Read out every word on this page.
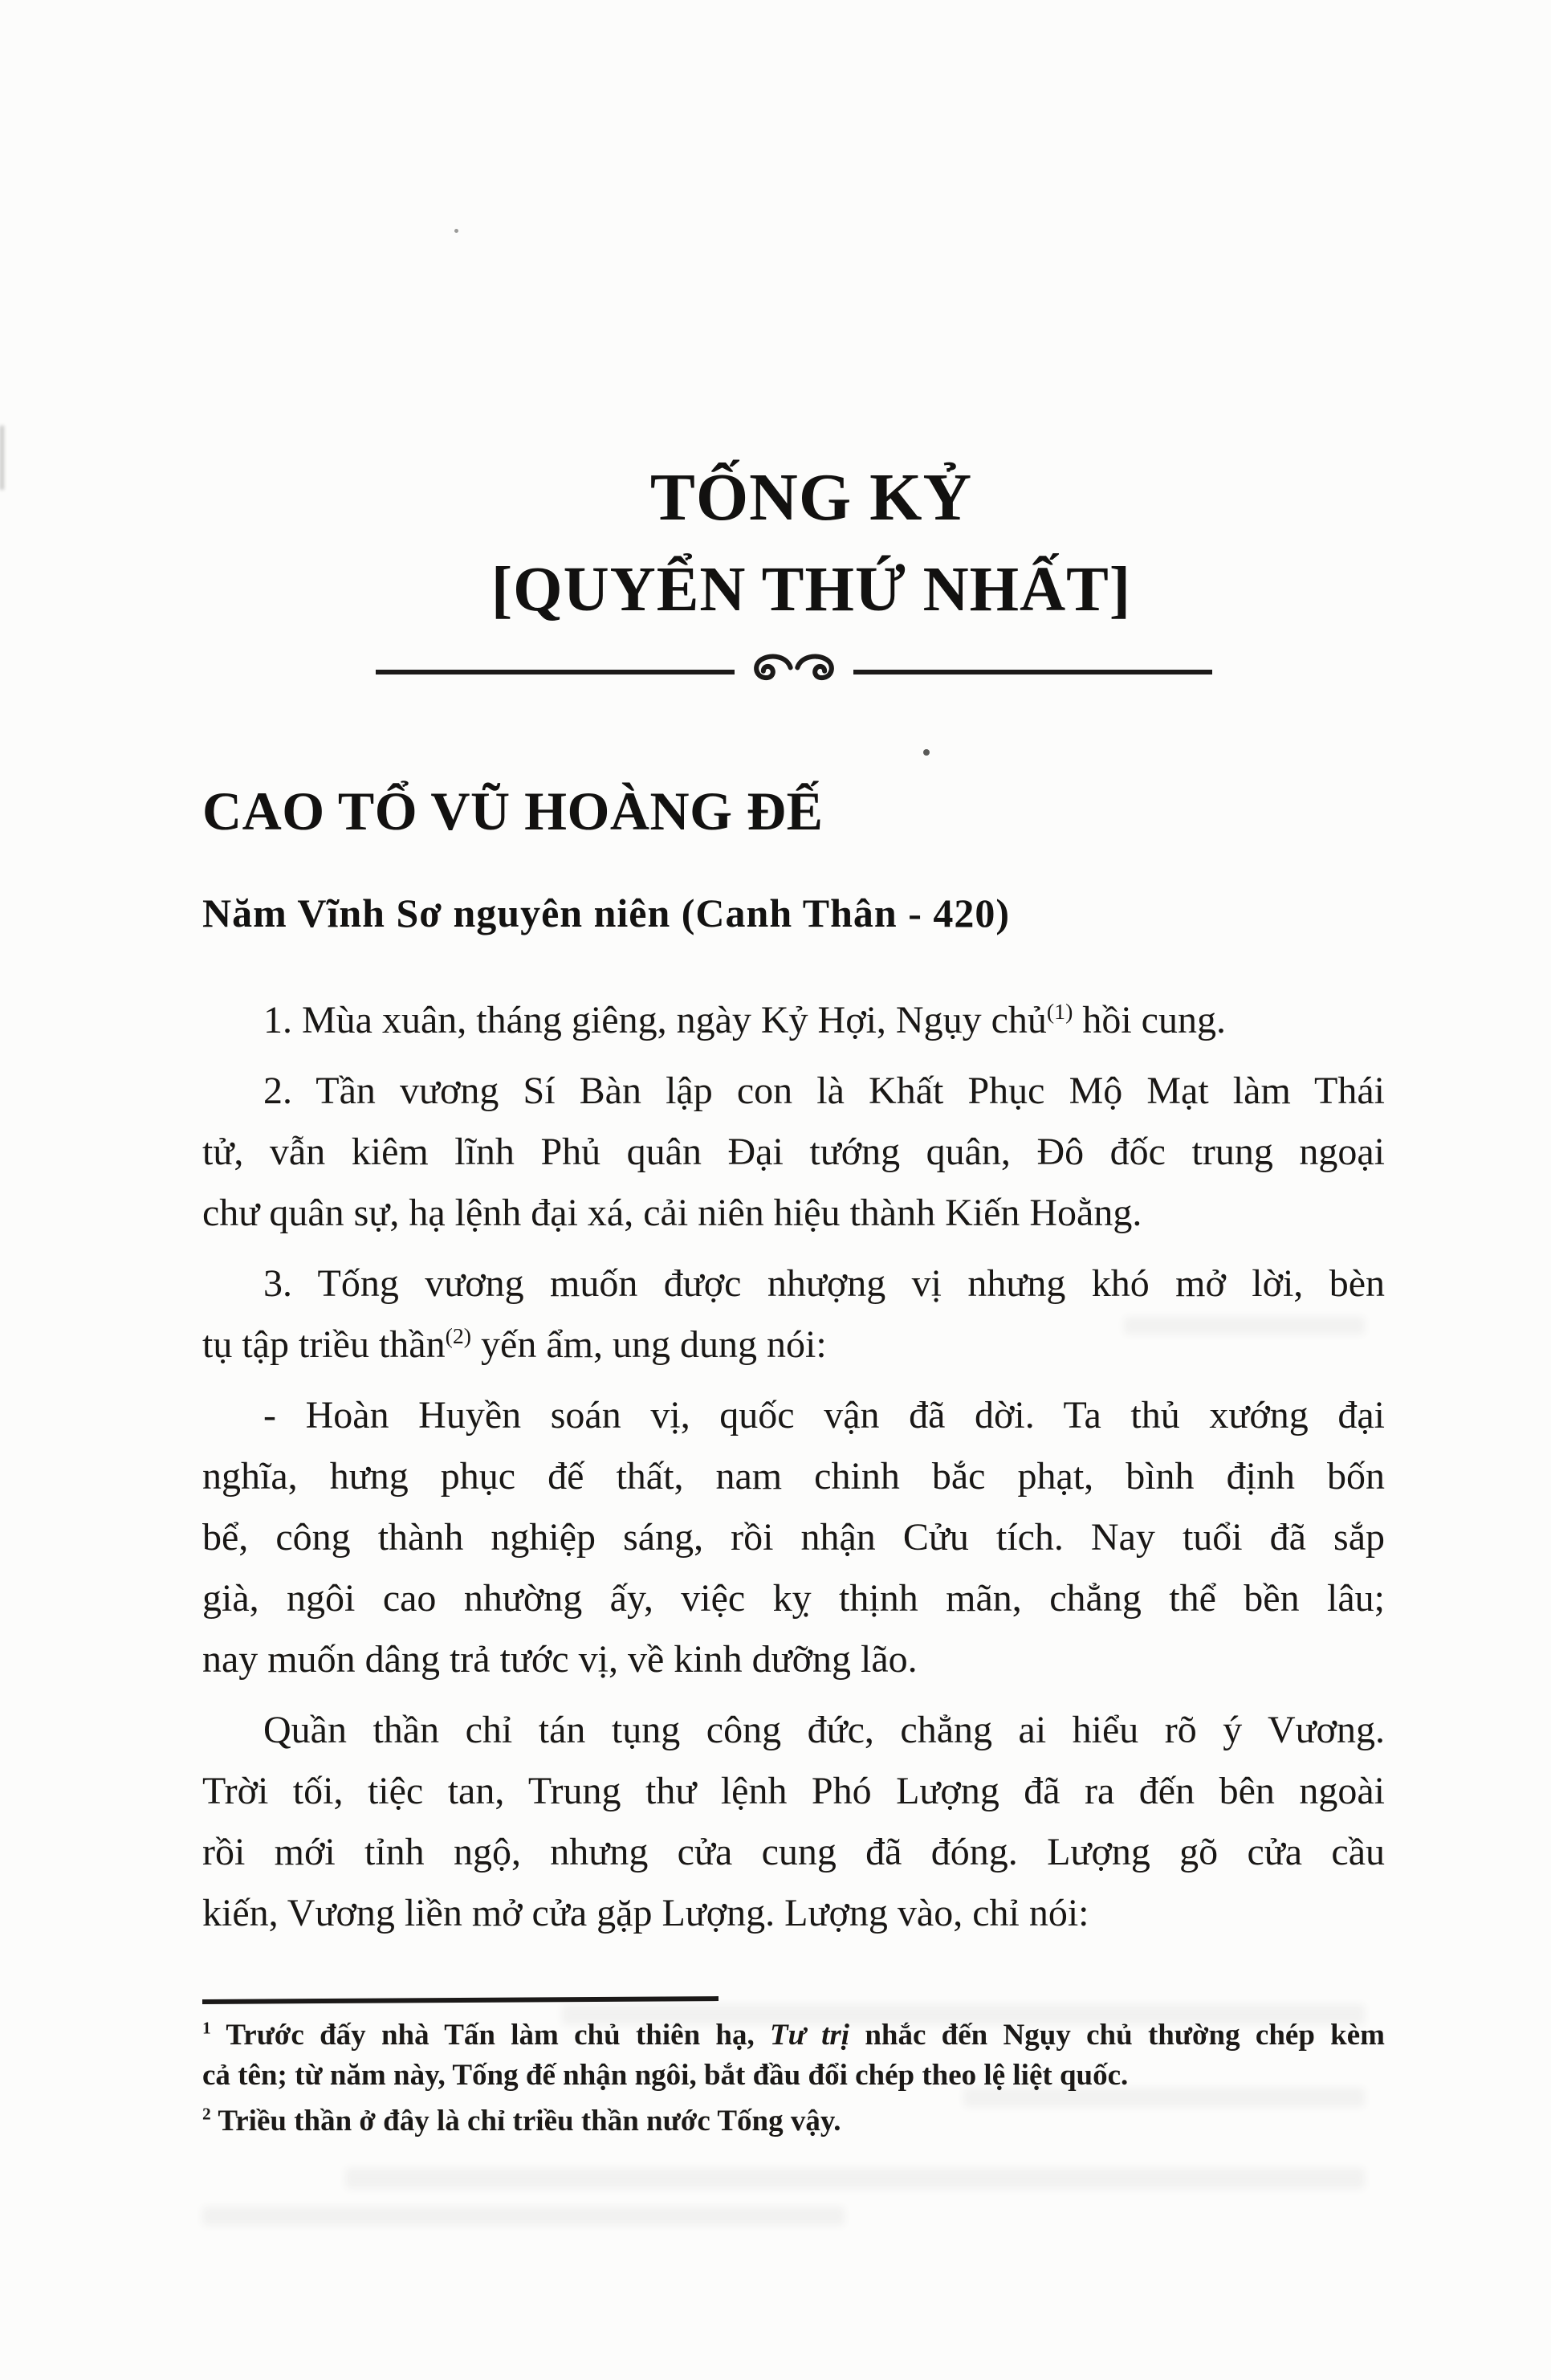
TỐNG KỶ
[QUYỂN THỨ NHẤT]
CAO TỔ VŨ HOÀNG ĐẾ
Năm Vĩnh Sơ nguyên niên (Canh Thân - 420)
1. Mùa xuân, tháng giêng, ngày Kỷ Hợi, Ngụy chủ$^{(1)}$ hồi cung.
2. Tần vương Sí Bàn lập con là Khất Phục Mộ Mạt làm Thái
tử, vẫn kiêm lĩnh Phủ quân Đại tướng quân, Đô đốc trung ngoại
chư quân sự, hạ lệnh đại xá, cải niên hiệu thành Kiến Hoằng.
3. Tống vương muốn được nhượng vị nhưng khó mở lời, bèn
tụ tập triều thần$^{(2)}$ yến ẩm, ung dung nói:
- Hoàn Huyền soán vị, quốc vận đã dời. Ta thủ xướng đại
nghĩa, hưng phục đế thất, nam chinh bắc phạt, bình định bốn
bể, công thành nghiệp sáng, rồi nhận Cửu tích. Nay tuổi đã sắp
già, ngôi cao nhường ấy, việc kỵ thịnh mãn, chẳng thể bền lâu;
nay muốn dâng trả tước vị, về kinh dưỡng lão.
Quần thần chỉ tán tụng công đức, chẳng ai hiểu rõ ý Vương.
Trời tối, tiệc tan, Trung thư lệnh Phó Lượng đã ra đến bên ngoài
rồi mới tỉnh ngộ, nhưng cửa cung đã đóng. Lượng gõ cửa cầu
kiến, Vương liền mở cửa gặp Lượng. Lượng vào, chỉ nói:
$^1$ Trước đấy nhà Tấn làm chủ thiên hạ, Tư trị nhắc đến Ngụy chủ thường chép kèm
cả tên; từ năm này, Tống đế nhận ngôi, bắt đầu đổi chép theo lệ liệt quốc.
$^2$ Triều thần ở đây là chỉ triều thần nước Tống vậy.
